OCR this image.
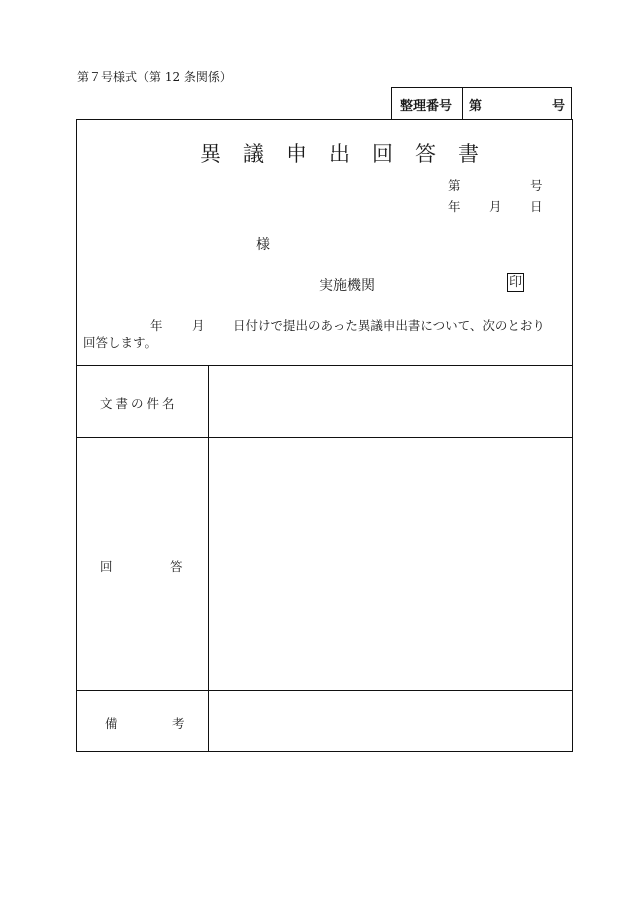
第７号様式（第 12 条関係）
整理番号 第	号
異議申出回答書
第	号
年 月 日
様
実施機関	印
年 月 日付けで提出のあった異議申出書について、次のとおり
回答します。
文書の件名
回	答
備	考
